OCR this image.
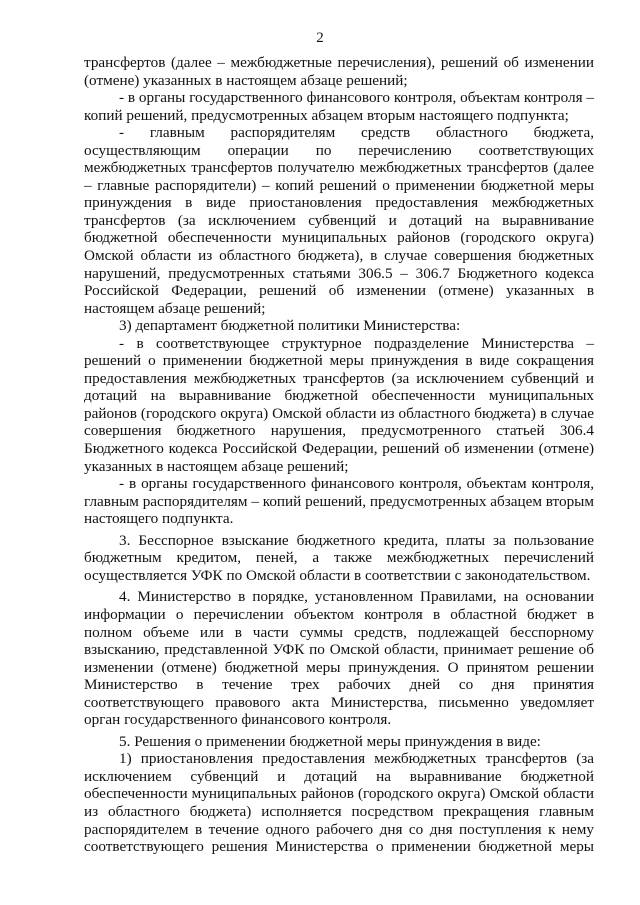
2

трансфертов (далее – межбюджетные перечисления), решений об изменении (отмене) указанных в настоящем абзаце решений;

- в органы государственного финансового контроля, объектам контроля – копий решений, предусмотренных абзацем вторым настоящего подпункта;

- главным распорядителям средств областного бюджета, осуществляющим операции по перечислению соответствующих межбюджетных трансфертов получателю межбюджетных трансфертов (далее – главные распорядители) – копий решений о применении бюджетной меры принуждения в виде приостановления предоставления межбюджетных трансфертов (за исключением субвенций и дотаций на выравнивание бюджетной обеспеченности муниципальных районов (городского округа) Омской области из областного бюджета), в случае совершения бюджетных нарушений, предусмотренных статьями 306.5 – 306.7 Бюджетного кодекса Российской Федерации, решений об изменении (отмене) указанных в настоящем абзаце решений;

3) департамент бюджетной политики Министерства:

- в соответствующее структурное подразделение Министерства – решений о применении бюджетной меры принуждения в виде сокращения предоставления межбюджетных трансфертов (за исключением субвенций и дотаций на выравнивание бюджетной обеспеченности муниципальных районов (городского округа) Омской области из областного бюджета) в случае совершения бюджетного нарушения, предусмотренного статьей 306.4 Бюджетного кодекса Российской Федерации, решений об изменении (отмене) указанных в настоящем абзаце решений;

- в органы государственного финансового контроля, объектам контроля, главным распорядителям – копий решений, предусмотренных абзацем вторым настоящего подпункта.

3. Бесспорное взыскание бюджетного кредита, платы за пользование бюджетным кредитом, пеней, а также межбюджетных перечислений осуществляется УФК по Омской области в соответствии с законодательством.

4. Министерство в порядке, установленном Правилами, на основании информации о перечислении объектом контроля в областной бюджет в полном объеме или в части суммы средств, подлежащей бесспорному взысканию, представленной УФК по Омской области, принимает решение об изменении (отмене) бюджетной меры принуждения. О принятом решении Министерство в течение трех рабочих дней со дня принятия соответствующего правового акта Министерства, письменно уведомляет орган государственного финансового контроля.

5. Решения о применении бюджетной меры принуждения в виде:

1) приостановления предоставления межбюджетных трансфертов (за исключением субвенций и дотаций на выравнивание бюджетной обеспеченности муниципальных районов (городского округа) Омской области из областного бюджета) исполняется посредством прекращения главным распорядителем в течение одного рабочего дня со дня поступления к нему соответствующего решения Министерства о применении бюджетной меры
